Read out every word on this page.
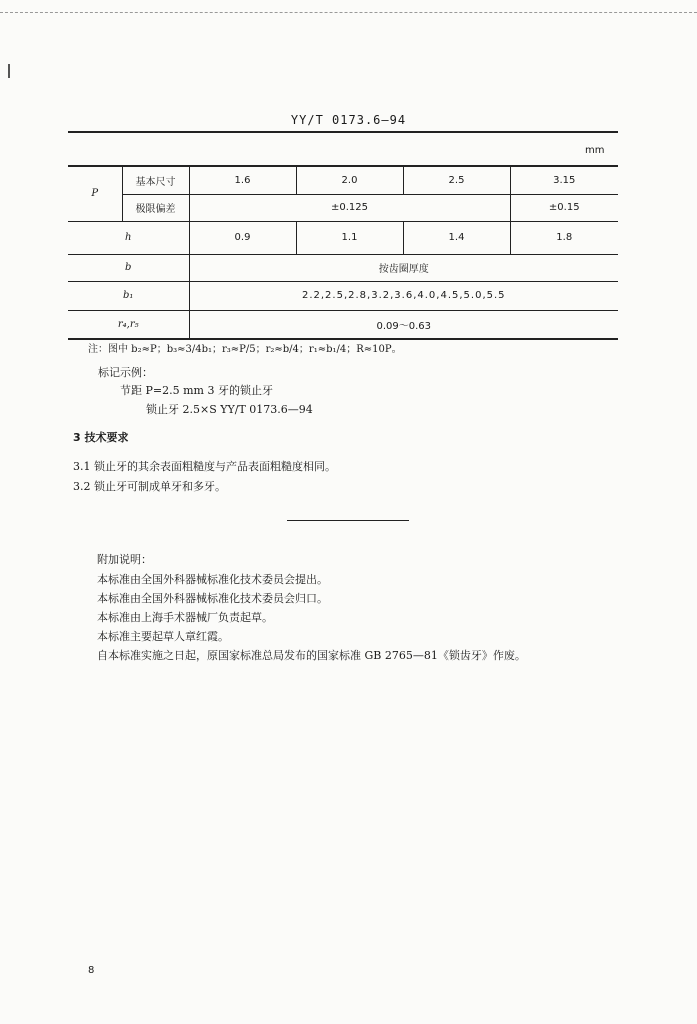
YY/T 0173.6—94
mm
P	基本尺寸	1.6	2.0	2.5	3.15
	极限偏差	±0.125			±0.15
h		0.9	1.1	1.4	1.8
b		按齿圈厚度			
b₁		2.2,2.5,2.8,3.2,3.6,4.0,4.5,5.0,5.5			
r₄,r₅		0.09～0.63			
注：图中 b₂≈P；b₃≈3/4b₁；r₃≈P/5；r₂≈b/4；r₁≈b₁/4；R≈10P。
标记示例：
节距 P=2.5 mm 3 牙的锁止牙
锁止牙 2.5×S YY/T 0173.6—94
3 技术要求
3.1 锁止牙的其余表面粗糙度与产品表面粗糙度相同。
3.2 锁止牙可制成单牙和多牙。
附加说明：
本标准由全国外科器械标准化技术委员会提出。
本标准由全国外科器械标准化技术委员会归口。
本标准由上海手术器械厂负责起草。
本标准主要起草人章红霞。
自本标准实施之日起，原国家标准总局发布的国家标准 GB 2765—81《锁齿牙》作废。
8
